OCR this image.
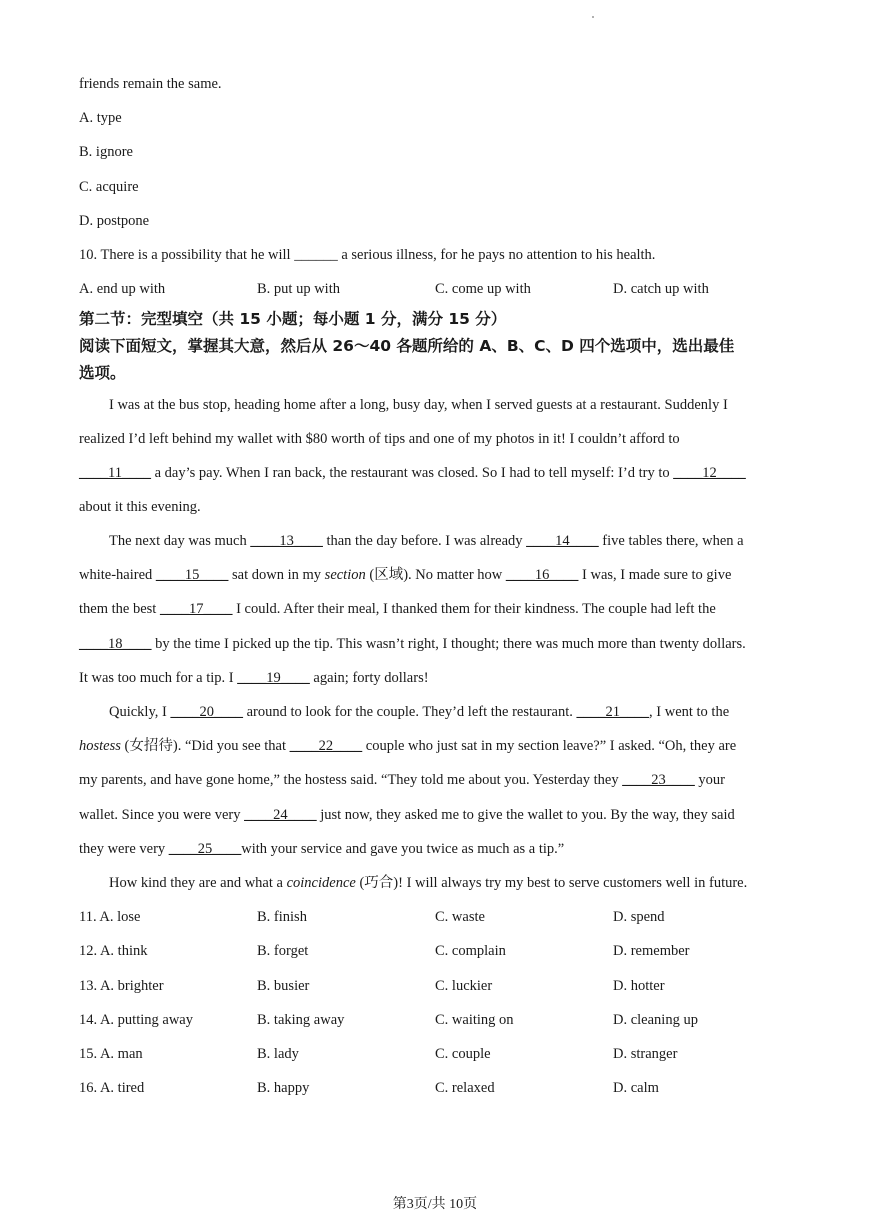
friends remain the same.
A. type
B. ignore
C. acquire
D. postpone
10. There is a possibility that he will ______ a serious illness, for he pays no attention to his health.
A. end up with	B. put up with	C. come up with	D. catch up with
第二节：完型填空（共 15 小题；每小题 1 分，满分 15 分）
阅读下面短文，掌握其大意，然后从 26～40 各题所给的 A、B、C、D 四个选项中，选出最佳
选项。
I was at the bus stop, heading home after a long, busy day, when I served guests at a restaurant. Suddenly I
realized I’d left behind my wallet with $80 worth of tips and one of my photos in it! I couldn’t afford to
____11____ a day’s pay. When I ran back, the restaurant was closed. So I had to tell myself: I’d try to ____12____
about it this evening.
The next day was much ____13____ than the day before. I was already ____14____ five tables there, when a
white-haired ____15____ sat down in my section (区域). No matter how ____16____ I was, I made sure to give
them the best ____17____ I could. After their meal, I thanked them for their kindness. The couple had left the
____18____ by the time I picked up the tip. This wasn’t right, I thought; there was much more than twenty dollars.
It was too much for a tip. I ____19____ again; forty dollars!
Quickly, I ____20____ around to look for the couple. They’d left the restaurant. ____21____, I went to the
hostess (女招待). “Did you see that ____22____ couple who just sat in my section leave?” I asked. “Oh, they are
my parents, and have gone home,” the hostess said. “They told me about you. Yesterday they ____23____ your
wallet. Since you were very ____24____ just now, they asked me to give the wallet to you. By the way, they said
they were very ____25____with your service and gave you twice as much as a tip.”
How kind they are and what a coincidence (巧合)! I will always try my best to serve customers well in future.
11. A. lose	B. finish	C. waste	D. spend
12. A. think	B. forget	C. complain	D. remember
13. A. brighter	B. busier	C. luckier	D. hotter
14. A. putting away	B. taking away	C. waiting on	D. cleaning up
15. A. man	B. lady	C. couple	D. stranger
16. A. tired	B. happy	C. relaxed	D. calm
第3页/共 10页
